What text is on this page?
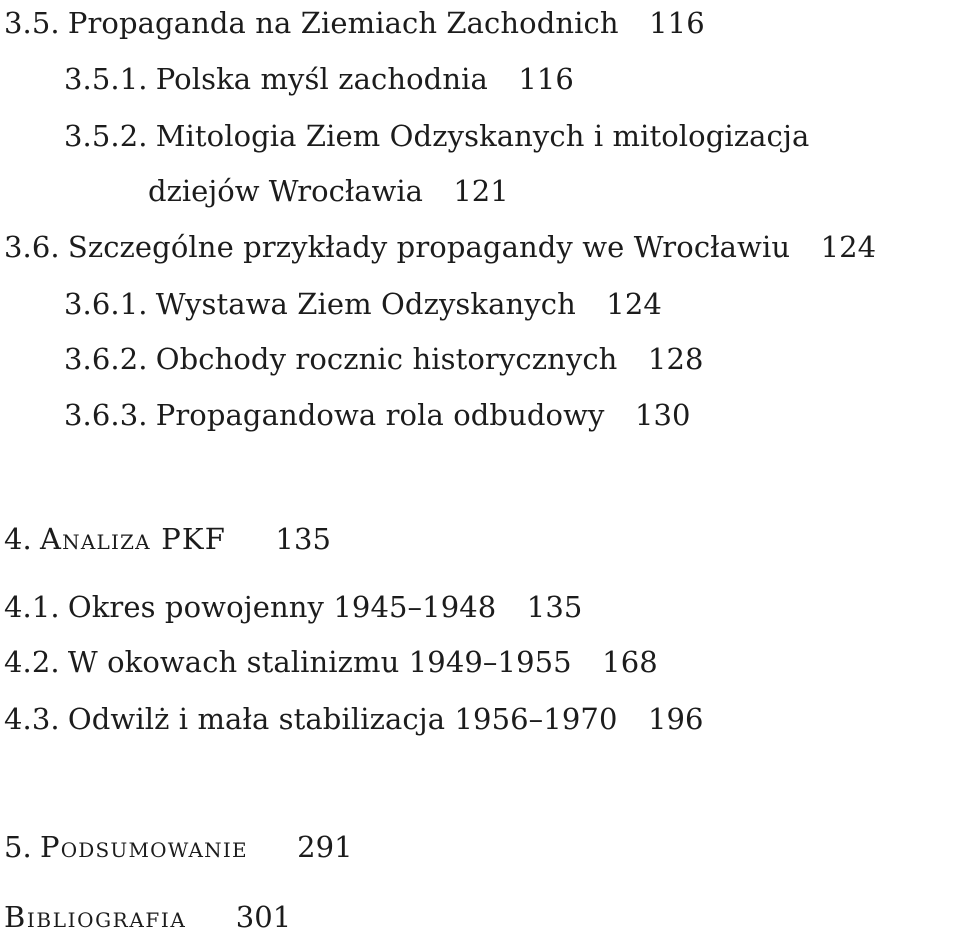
3.5. Propaganda na Ziemiach Zachodnich 116
3.5.1. Polska myśl zachodnia 116
3.5.2. Mitologia Ziem Odzyskanych i mitologizacja
dziejów Wrocławia 121
3.6. Szczególne przykłady propagandy we Wrocławiu 124
3.6.1. Wystawa Ziem Odzyskanych 124
3.6.2. Obchody rocznic historycznych 128
3.6.3. Propagandowa rola odbudowy 130
4. Analiza PKF 135
4.1. Okres powojenny 1945–1948 135
4.2. W okowach stalinizmu 1949–1955 168
4.3. Odwilż i mała stabilizacja 1956–1970 196
5. Podsumowanie 291
Bibliografia 301
